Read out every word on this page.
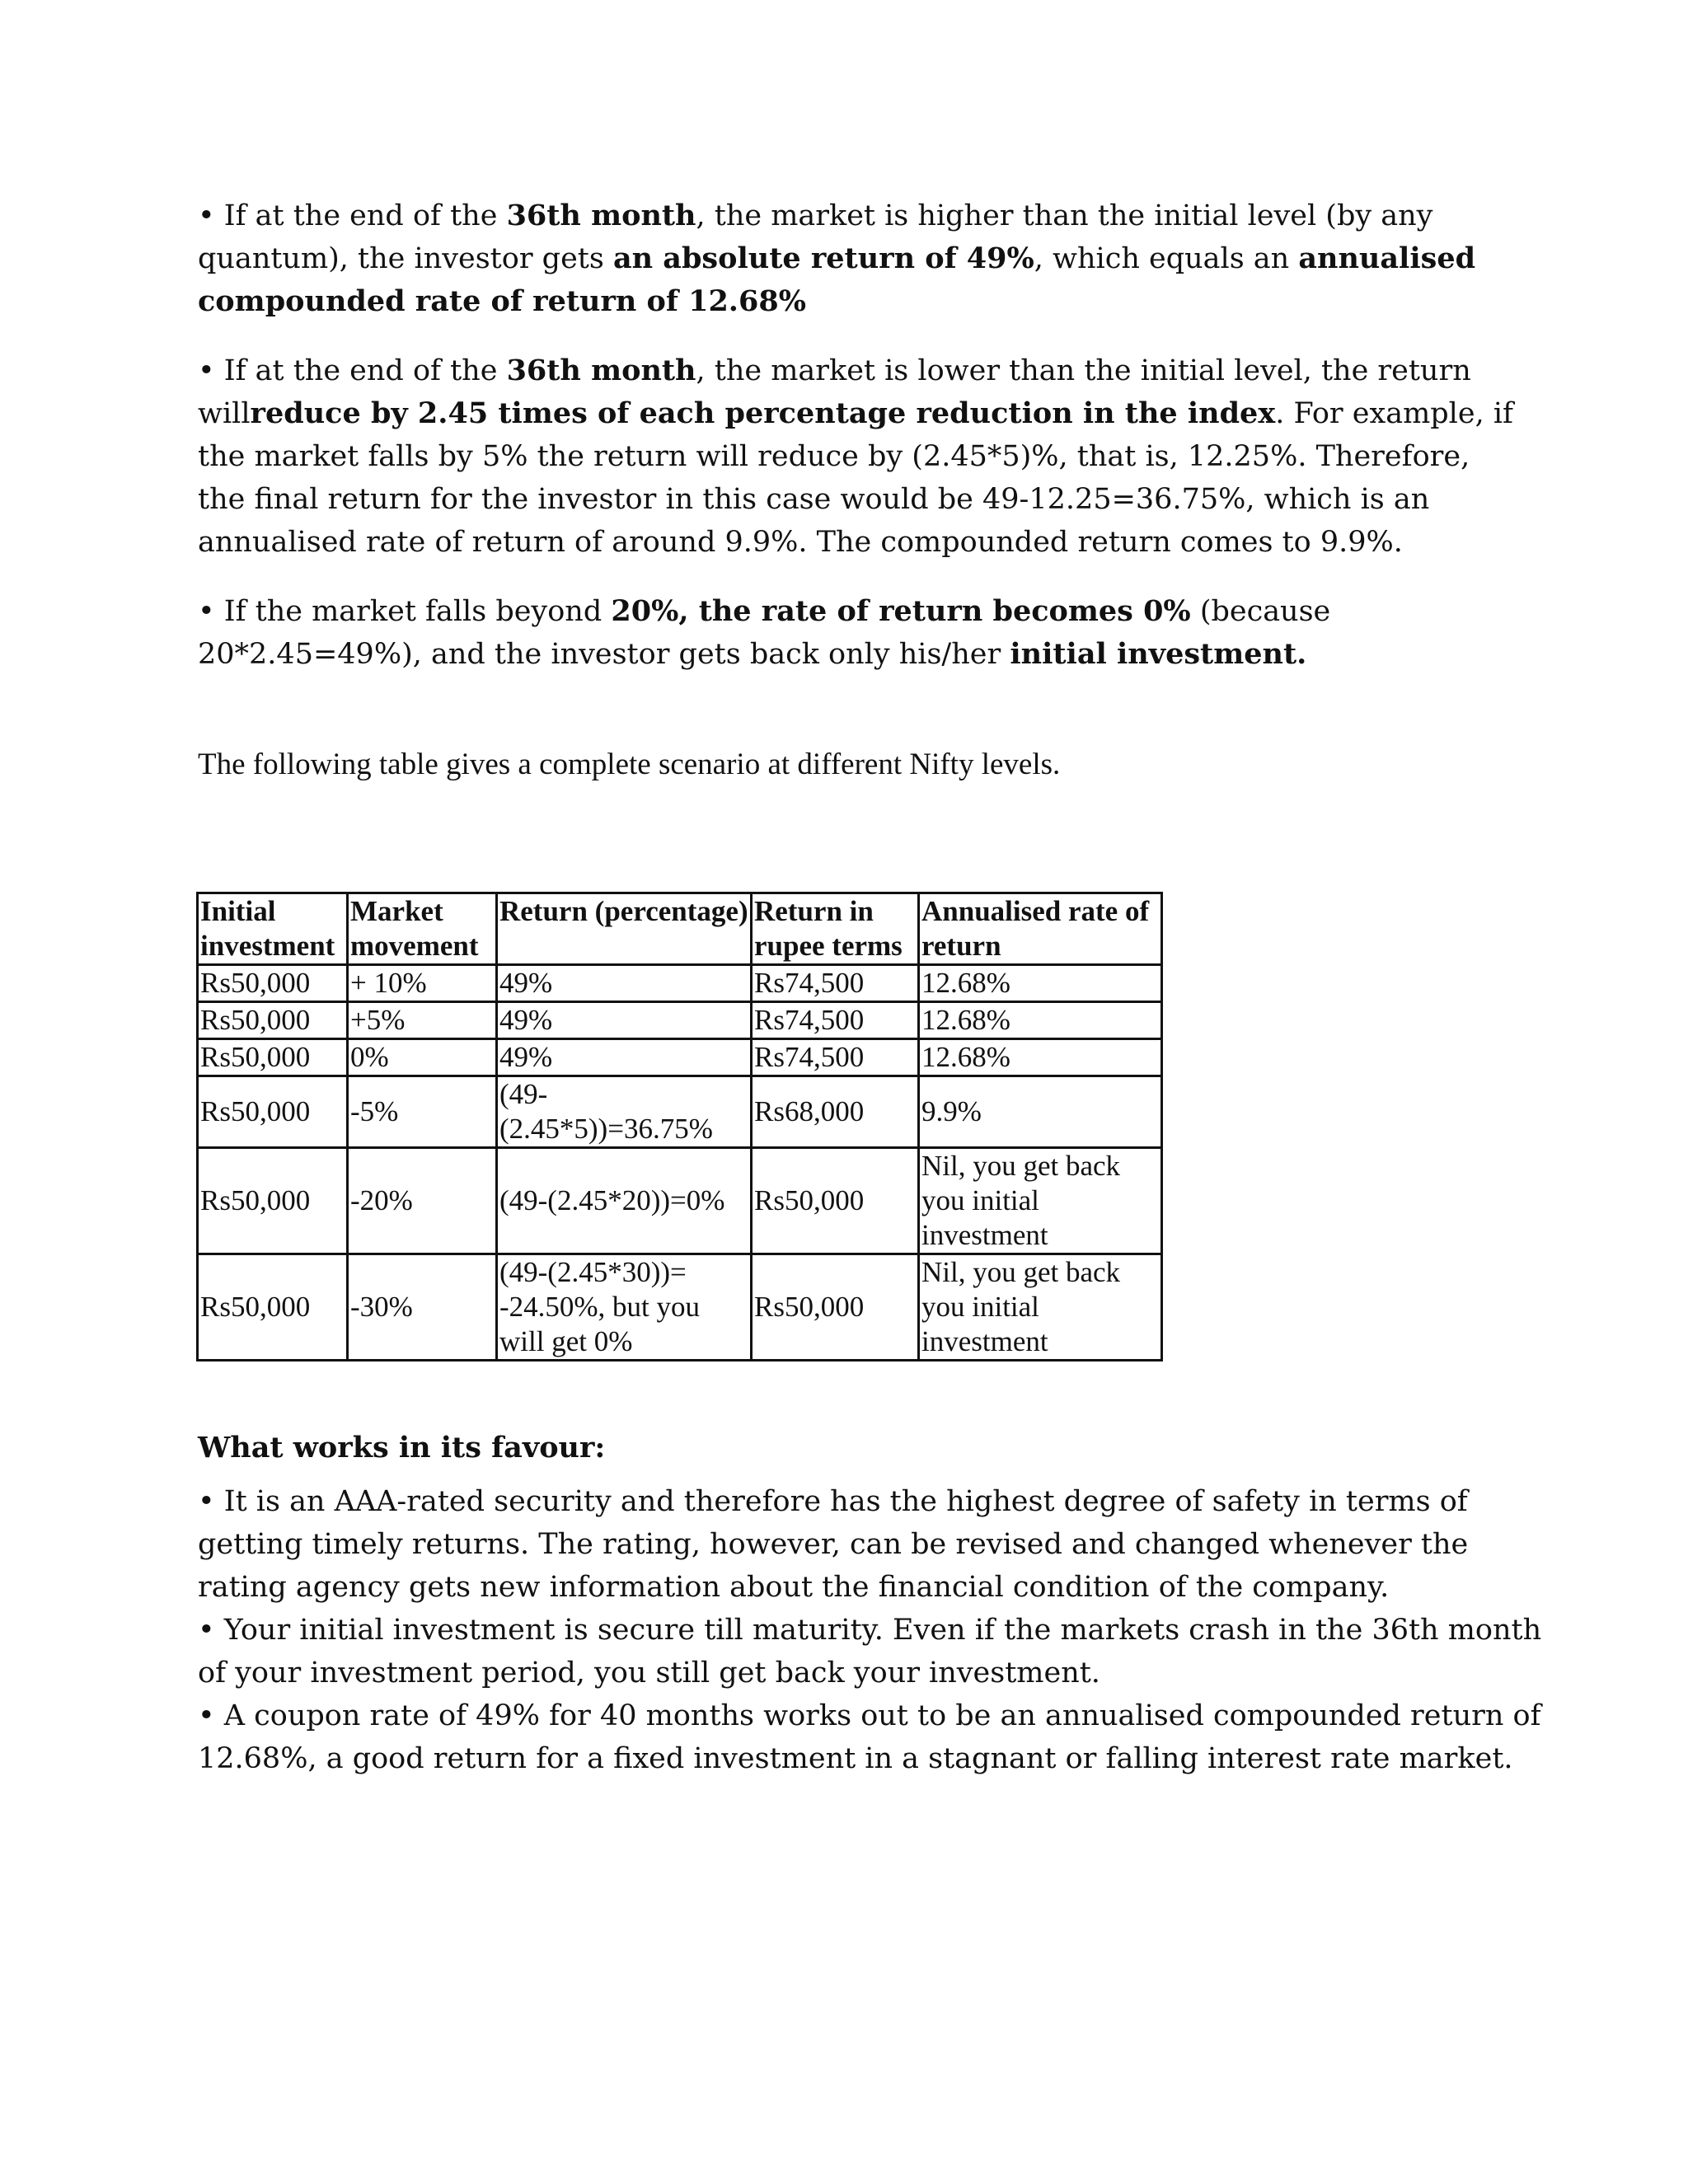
• If at the end of the 36th month, the market is higher than the initial level (by any quantum), the investor gets an absolute return of 49%, which equals an annualised compounded rate of return of 12.68%

• If at the end of the 36th month, the market is lower than the initial level, the return willreduce by 2.45 times of each percentage reduction in the index. For example, if the market falls by 5% the return will reduce by (2.45*5)%, that is, 12.25%. Therefore, the final return for the investor in this case would be 49-12.25=36.75%, which is an annualised rate of return of around 9.9%. The compounded return comes to 9.9%.

• If the market falls beyond 20%, the rate of return becomes 0% (because 20*2.45=49%), and the investor gets back only his/her initial investment.

The following table gives a complete scenario at different Nifty levels.

Initial investment	Market movement	Return (percentage)	Return in rupee terms	Annualised rate of return
Rs50,000	+ 10%	49%	Rs74,500	12.68%
Rs50,000	+5%	49%	Rs74,500	12.68%
Rs50,000	0%	49%	Rs74,500	12.68%
Rs50,000	-5%	(49-(2.45*5))=36.75%	Rs68,000	9.9%
Rs50,000	-20%	(49-(2.45*20))=0%	Rs50,000	Nil, you get back you initial investment
Rs50,000	-30%	(49-(2.45*30))= -24.50%, but you will get 0%	Rs50,000	Nil, you get back you initial investment

What works in its favour:

• It is an AAA-rated security and therefore has the highest degree of safety in terms of getting timely returns. The rating, however, can be revised and changed whenever the rating agency gets new information about the financial condition of the company.
• Your initial investment is secure till maturity. Even if the markets crash in the 36th month of your investment period, you still get back your investment.
• A coupon rate of 49% for 40 months works out to be an annualised compounded return of 12.68%, a good return for a fixed investment in a stagnant or falling interest rate market.
